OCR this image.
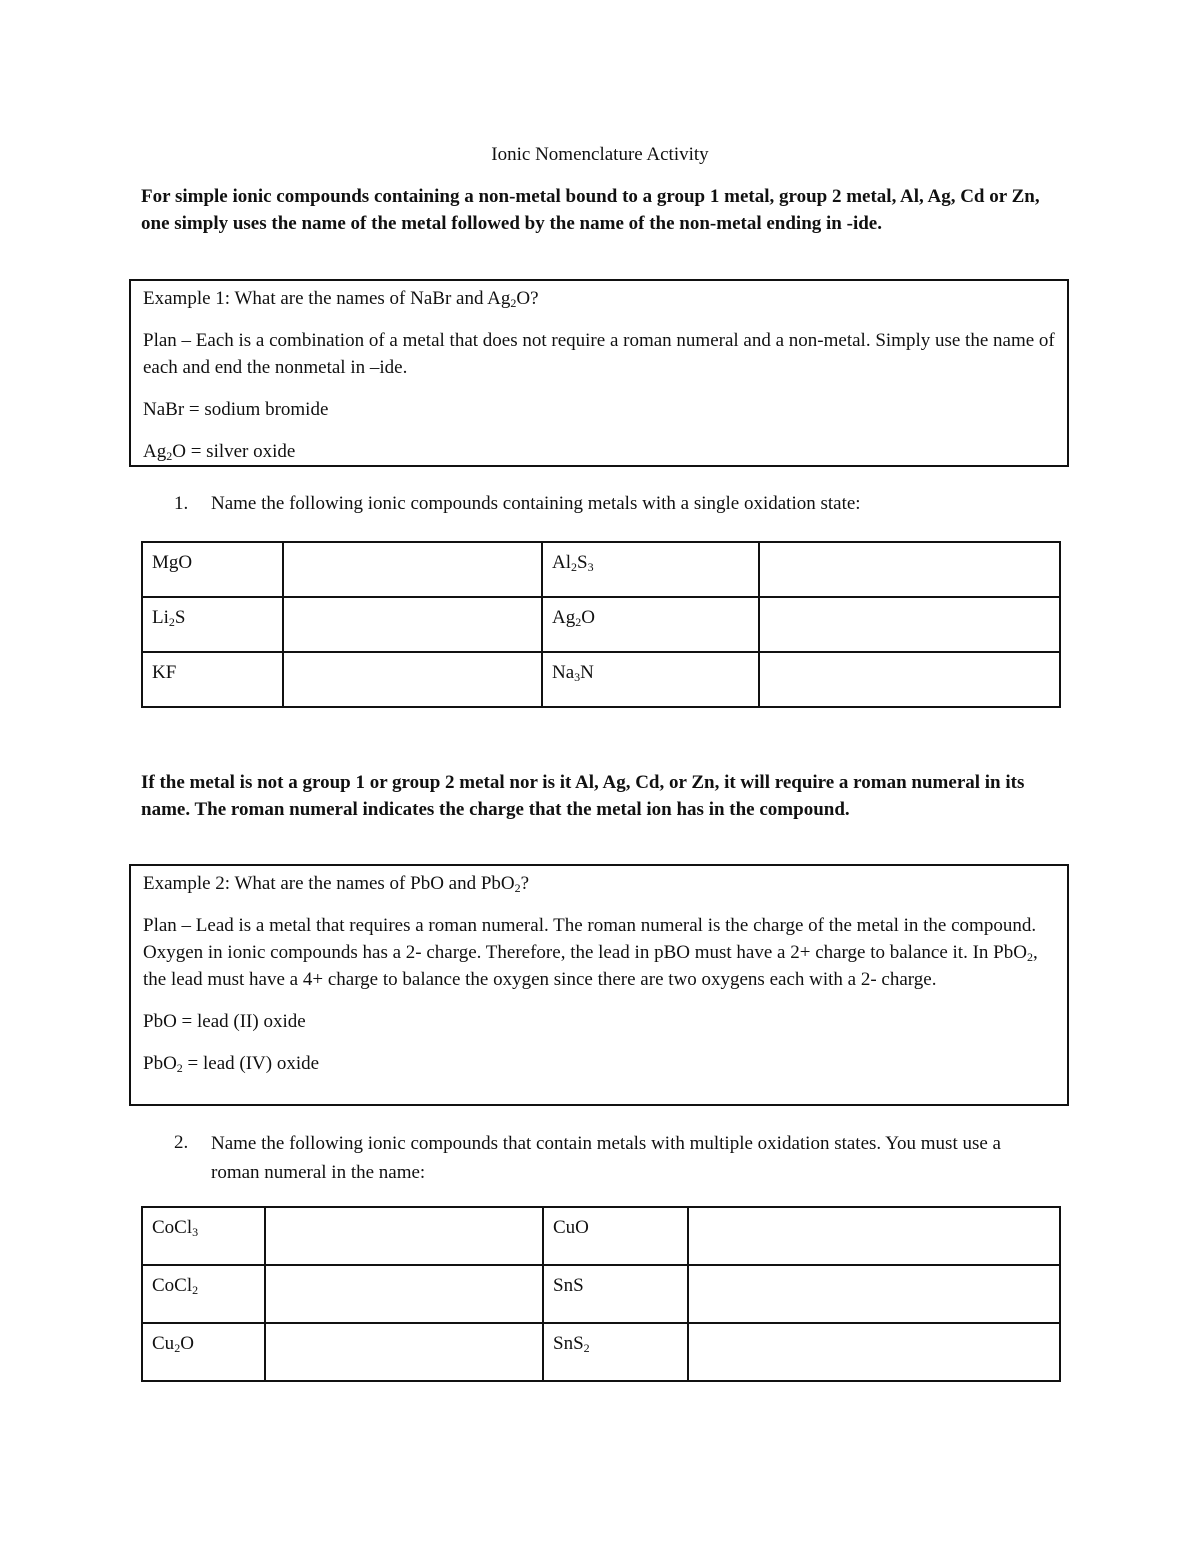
Ionic Nomenclature Activity
For simple ionic compounds containing a non-metal bound to a group 1 metal, group 2 metal, Al, Ag, Cd or Zn, one simply uses the name of the metal followed by the name of the non-metal ending in -ide.

Example 1: What are the names of NaBr and $Ag_2O$?

Plan – Each is a combination of a metal that does not require a roman numeral and a non-metal. Simply use the name of each and end the nonmetal in –ide.

NaBr = sodium bromide

$Ag_2O$ = silver oxide

1. Name the following ionic compounds containing metals with a single oxidation state:
MgO		$Al_2S_3$	
$Li_2S$		$Ag_2O$	
KF		$Na_3N$	
If the metal is not a group 1 or group 2 metal nor is it Al, Ag, Cd, or Zn, it will require a roman numeral in its name. The roman numeral indicates the charge that the metal ion has in the compound.

Example 2: What are the names of PbO and PbO$_2$?

Plan – Lead is a metal that requires a roman numeral. The roman numeral is the charge of the metal in the compound. Oxygen in ionic compounds has a 2- charge. Therefore, the lead in pBO must have a 2+ charge to balance it. In PbO$_2$, the lead must have a 4+ charge to balance the oxygen since there are two oxygens each with a 2- charge.

PbO = lead (II) oxide

PbO$_2$ = lead (IV) oxide

2. Name the following ionic compounds that contain metals with multiple oxidation states. You must use a roman numeral in the name:
CoCl$_3$		CuO	
CoCl$_2$		SnS	
$Cu_2O$		SnS$_2$	
